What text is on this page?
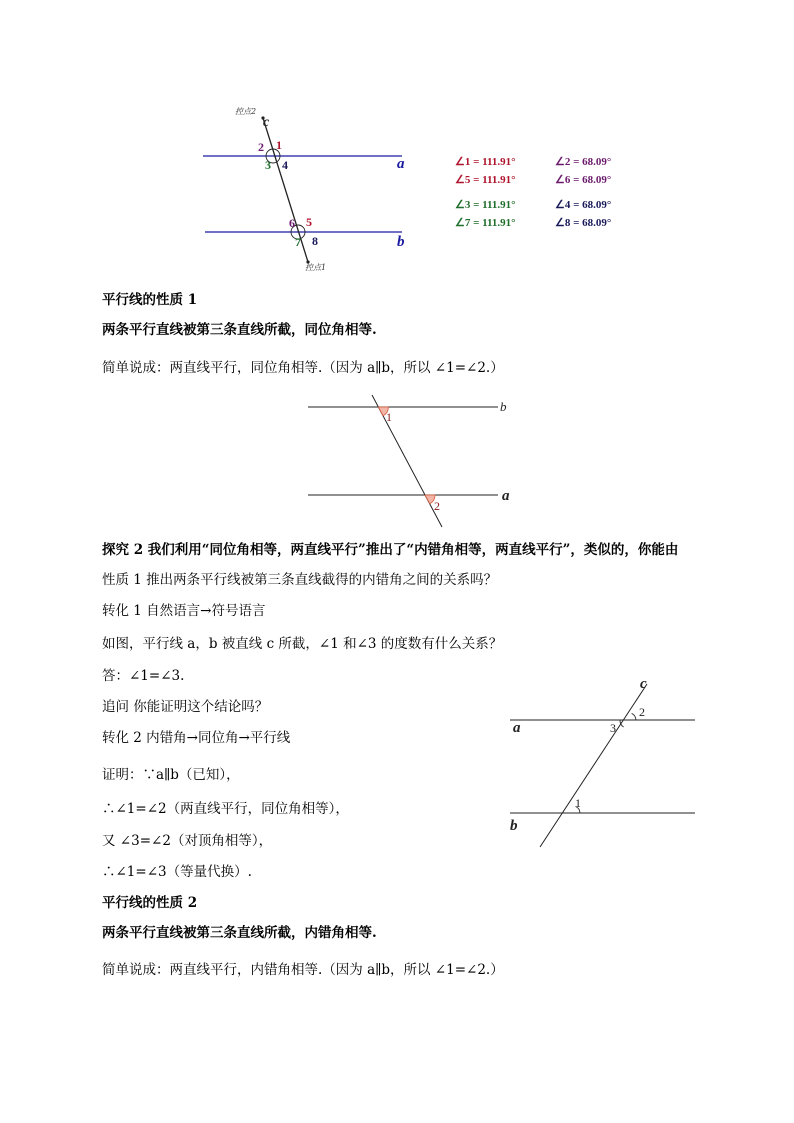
c
控点2
控点1
a
b
1
2
3 4
5
6
7 8
∠1 = 111.91°	∠2 = 68.09°
∠5 = 111.91°	∠6 = 68.09°
∠3 = 111.91°	∠4 = 68.09°
∠7 = 111.91°	∠8 = 68.09°
平行线的性质 1
两条平行直线被第三条直线所截，同位角相等.
简单说成：两直线平行，同位角相等.（因为 a∥b，所以 ∠1=∠2.）
b
a
1
2
探究 2 我们利用“同位角相等，两直线平行”推出了“内错角相等，两直线平行”，类似的，你能由
性质 1 推出两条平行线被第三条直线截得的内错角之间的关系吗？
转化 1 自然语言→符号语言
如图，平行线 a，b 被直线 c 所截，∠1 和∠3 的度数有什么关系？
答：∠1=∠3.
追问 你能证明这个结论吗？
转化 2 内错角→同位角→平行线
证明：∵a∥b（已知），
∴∠1=∠2（两直线平行，同位角相等），
又 ∠3=∠2（对顶角相等），
∴∠1=∠3（等量代换）.
c
a
b
2
3
1
平行线的性质 2
两条平行直线被第三条直线所截，内错角相等.
简单说成：两直线平行，内错角相等.（因为 a∥b，所以 ∠1=∠2.）
